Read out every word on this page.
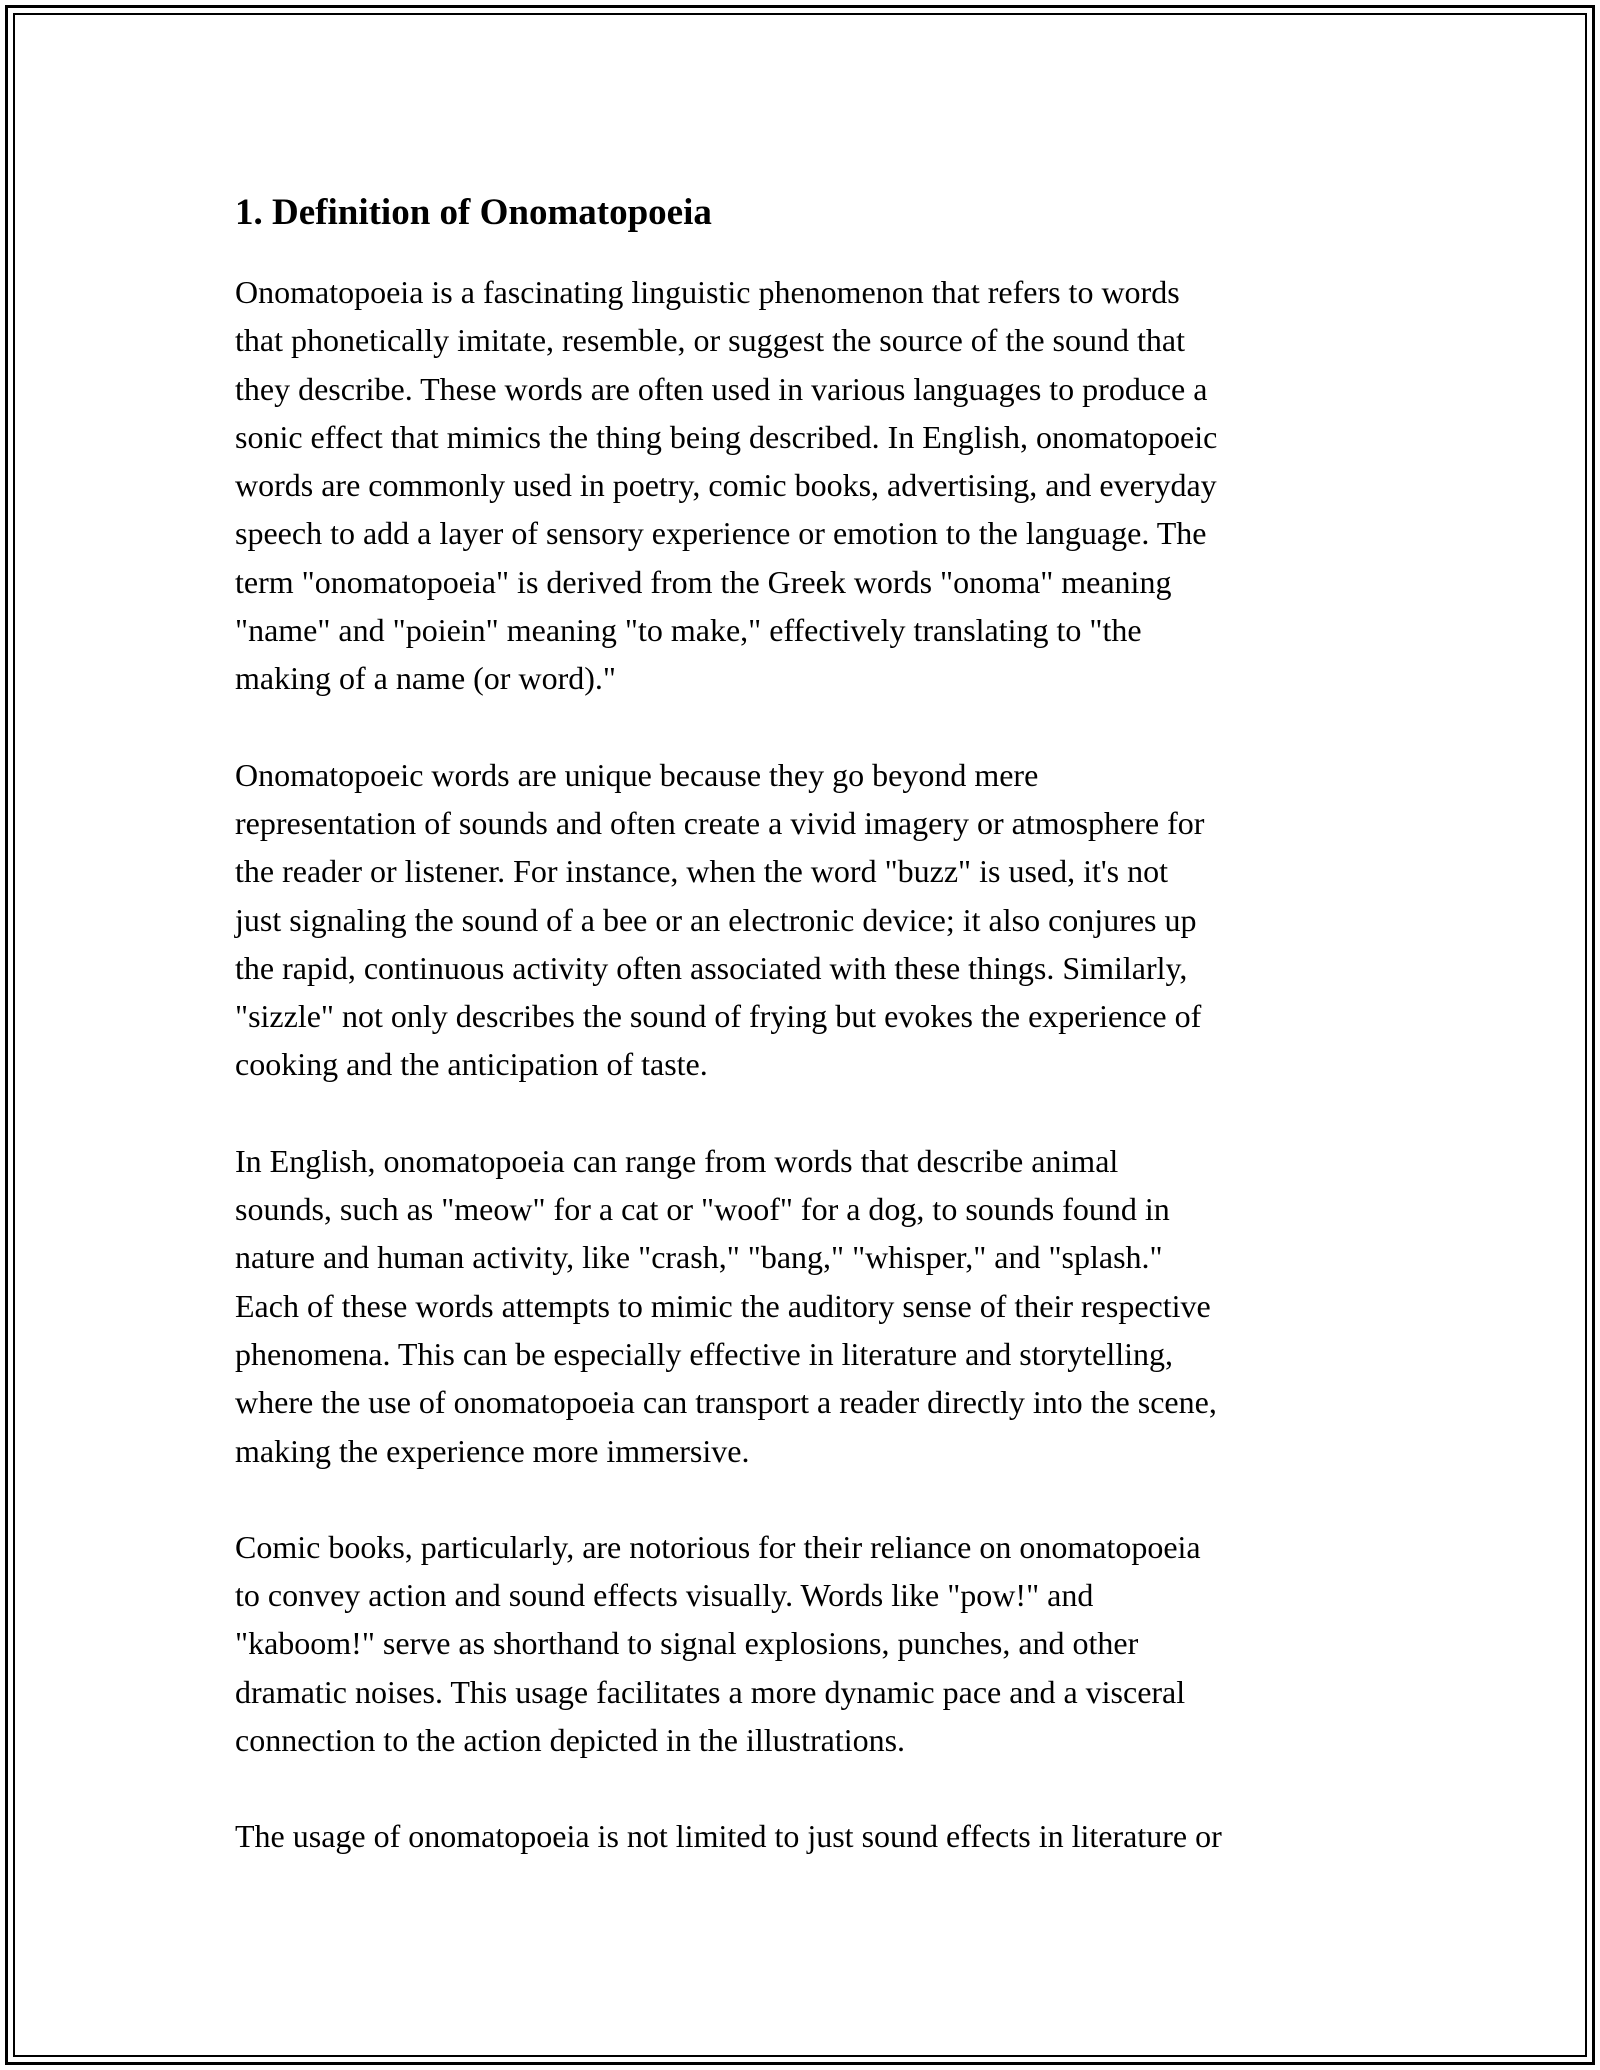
1. Definition of Onomatopoeia

Onomatopoeia is a fascinating linguistic phenomenon that refers to words
that phonetically imitate, resemble, or suggest the source of the sound that
they describe. These words are often used in various languages to produce a
sonic effect that mimics the thing being described. In English, onomatopoeic
words are commonly used in poetry, comic books, advertising, and everyday
speech to add a layer of sensory experience or emotion to the language. The
term "onomatopoeia" is derived from the Greek words "onoma" meaning
"name" and "poiein" meaning "to make," effectively translating to "the
making of a name (or word)."

Onomatopoeic words are unique because they go beyond mere
representation of sounds and often create a vivid imagery or atmosphere for
the reader or listener. For instance, when the word "buzz" is used, it's not
just signaling the sound of a bee or an electronic device; it also conjures up
the rapid, continuous activity often associated with these things. Similarly,
"sizzle" not only describes the sound of frying but evokes the experience of
cooking and the anticipation of taste.

In English, onomatopoeia can range from words that describe animal
sounds, such as "meow" for a cat or "woof" for a dog, to sounds found in
nature and human activity, like "crash," "bang," "whisper," and "splash."
Each of these words attempts to mimic the auditory sense of their respective
phenomena. This can be especially effective in literature and storytelling,
where the use of onomatopoeia can transport a reader directly into the scene,
making the experience more immersive.

Comic books, particularly, are notorious for their reliance on onomatopoeia
to convey action and sound effects visually. Words like "pow!" and
"kaboom!" serve as shorthand to signal explosions, punches, and other
dramatic noises. This usage facilitates a more dynamic pace and a visceral
connection to the action depicted in the illustrations.

The usage of onomatopoeia is not limited to just sound effects in literature or
